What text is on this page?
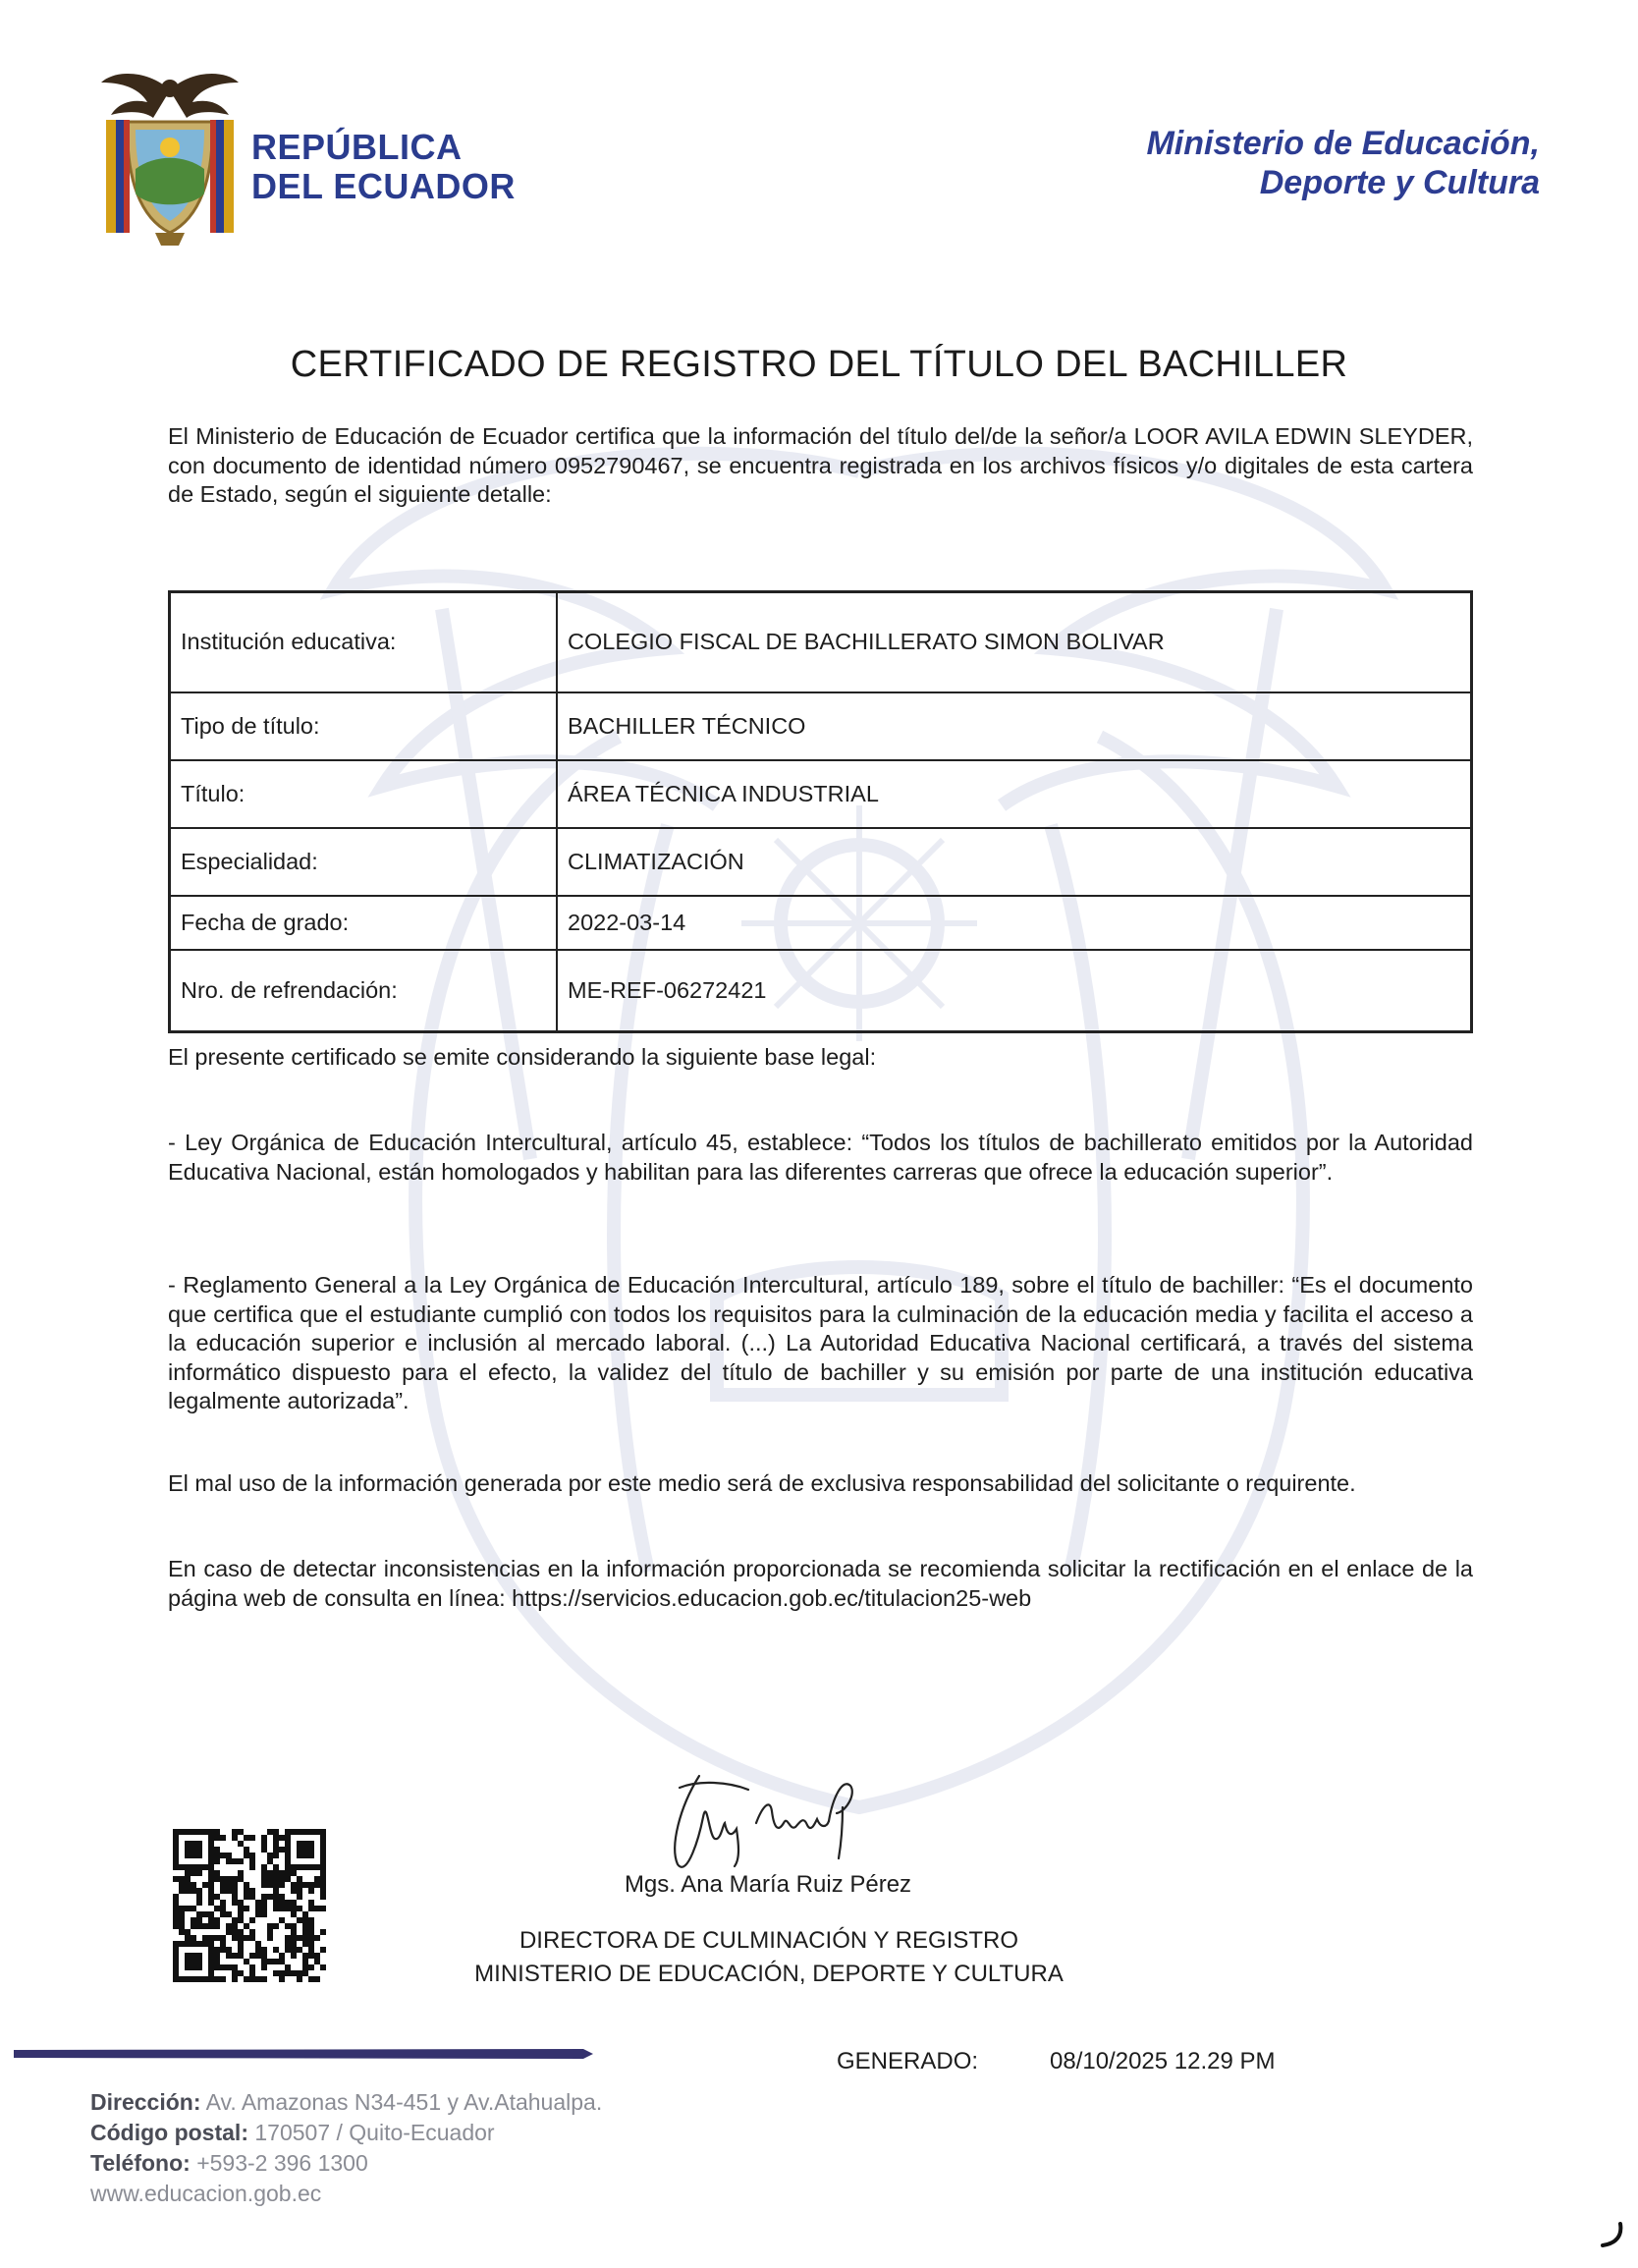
REPÚBLICA
DEL ECUADOR
Ministerio de Educación,
Deporte y Cultura
CERTIFICADO DE REGISTRO DEL TÍTULO DEL BACHILLER
El Ministerio de Educación de Ecuador certifica que la información del título del/de la señor/a LOOR AVILA EDWIN SLEYDER, con documento de identidad número 0952790467, se encuentra registrada en los archivos físicos y/o digitales de esta cartera de Estado, según el siguiente detalle:
Institución educativa:	COLEGIO FISCAL DE BACHILLERATO SIMON BOLIVAR
Tipo de título:	BACHILLER TÉCNICO
Título:	ÁREA TÉCNICA INDUSTRIAL
Especialidad:	CLIMATIZACIÓN
Fecha de grado:	2022-03-14
Nro. de refrendación:	ME-REF-06272421
El presente certificado se emite considerando la siguiente base legal:
- Ley Orgánica de Educación Intercultural, artículo 45, establece: “Todos los títulos de bachillerato emitidos por la Autoridad Educativa Nacional, están homologados y habilitan para las diferentes carreras que ofrece la educación superior”.
- Reglamento General a la Ley Orgánica de Educación Intercultural, artículo 189, sobre el título de bachiller: “Es el documento que certifica que el estudiante cumplió con todos los requisitos para la culminación de la educación media y facilita el acceso a la educación superior e inclusión al mercado laboral. (...) La Autoridad Educativa Nacional certificará, a través del sistema informático dispuesto para el efecto, la validez del título de bachiller y su emisión por parte de una institución educativa legalmente autorizada”.
El mal uso de la información generada por este medio será de exclusiva responsabilidad del solicitante o requirente.
En caso de detectar inconsistencias en la información proporcionada se recomienda solicitar la rectificación en el enlace de la página web de consulta en línea: https://servicios.educacion.gob.ec/titulacion25-web
Mgs. Ana María Ruiz Pérez
DIRECTORA DE CULMINACIÓN Y REGISTRO
MINISTERIO DE EDUCACIÓN, DEPORTE Y CULTURA
GENERADO:	08/10/2025 12.29 PM
Dirección: Av. Amazonas N34-451 y Av.Atahualpa.
Código postal: 170507 / Quito-Ecuador
Teléfono: +593-2 396 1300
www.educacion.gob.ec
